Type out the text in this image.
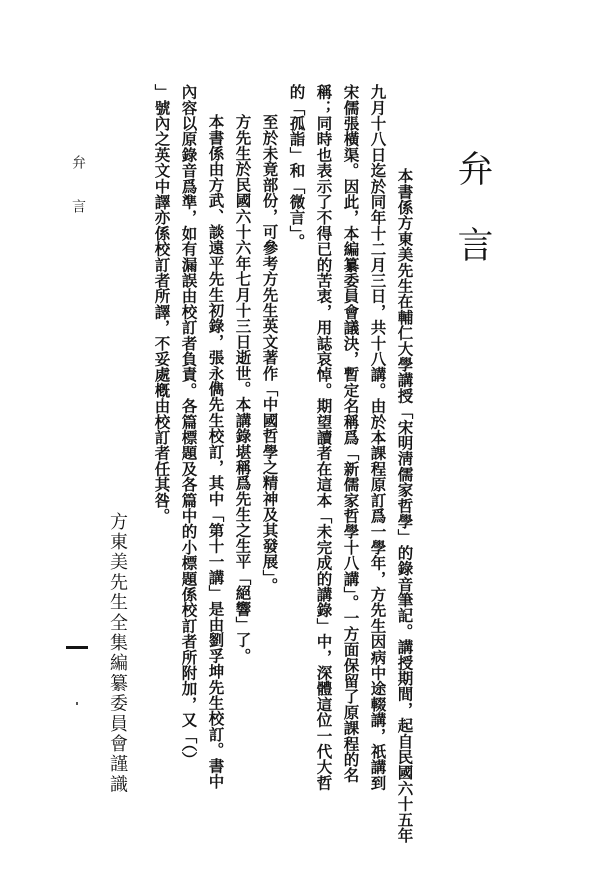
弁言
本書係方東美先生在輔仁大學講授「宋明淸儒家哲學」的錄音筆記。講授期間，起自民國六十五年
九月十八日迄於同年十二月三日，共十八講。由於本課程原訂爲一學年，方先生因病中途輟講，祇講到
宋儒張橫渠。因此，本編纂委員會議決，暫定名稱爲「新儒家哲學十八講」。一方面保留了原課程的名
稱；同時也表示了不得已的苦衷，用誌哀悼。期望讀者在這本「未完成的講錄」中，深體這位一代大哲
的「孤詣」和「微言」。
至於未竟部份，可參考方先生英文著作「中國哲學之精神及其發展」。
方先生於民國六十六年七月十三日逝世。本講錄堪稱爲先生之生平「絕響」了。
本書係由方武、談遠平先生初錄，張永儁先生校訂，其中「第十一講」是由劉孚坤先生校訂。書中
內容以原錄音爲準，如有漏誤由校訂者負責。各篇標題及各篇中的小標題係校訂者所附加，又「（）
」號內之英文中譯亦係校訂者所譯，不妥處槪由校訂者任其咎。
方東美先生全集編纂委員會謹識
弁言
